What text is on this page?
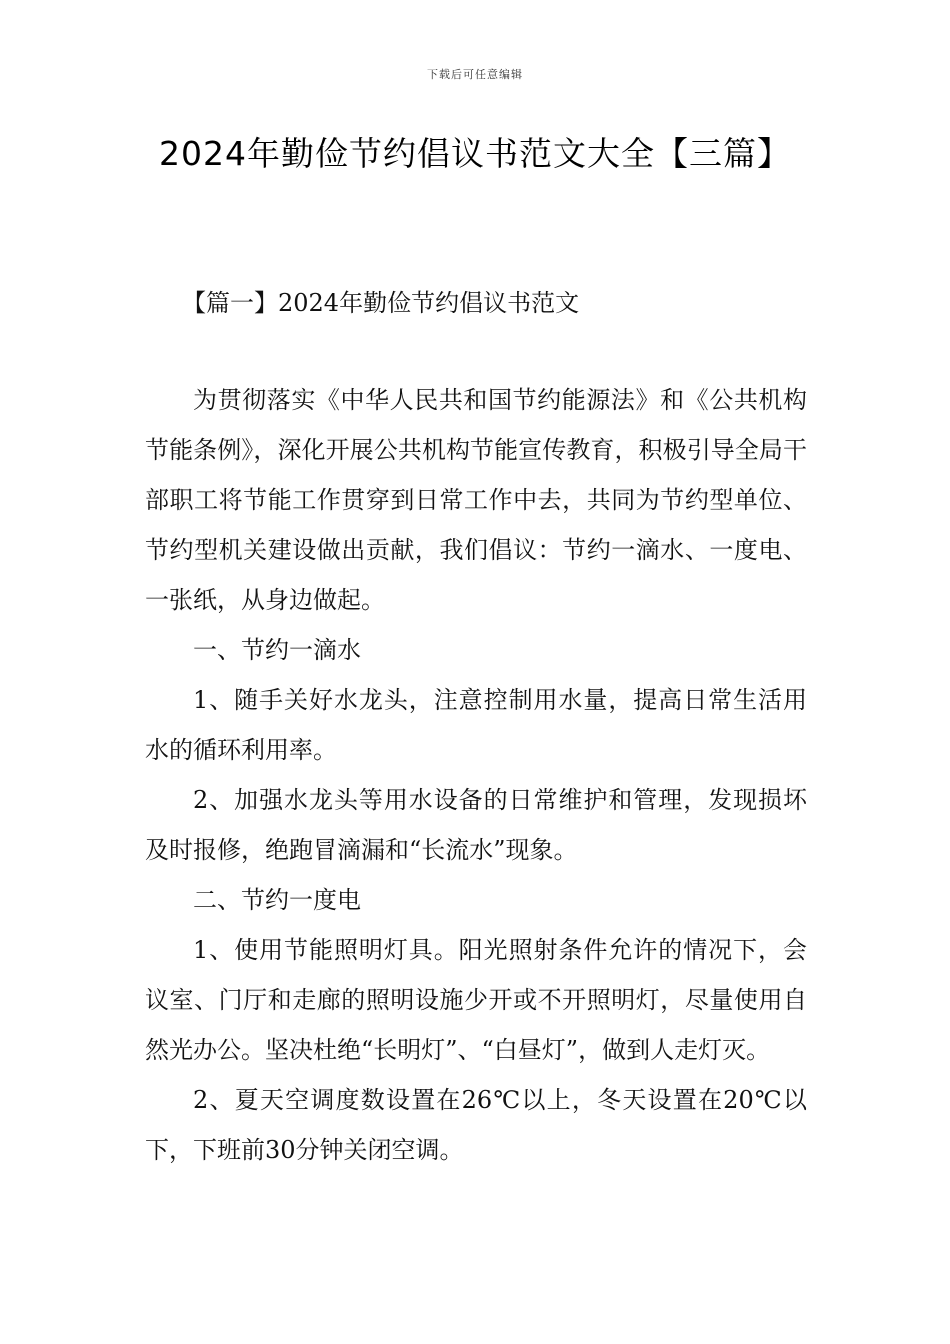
下载后可任意编辑
2024年勤俭节约倡议书范文大全【三篇】
【篇一】2024年勤俭节约倡议书范文

为贯彻落实《中华人民共和国节约能源法》和《公共机构节能条例》，深化开展公共机构节能宣传教育，积极引导全局干部职工将节能工作贯穿到日常工作中去，共同为节约型单位、节约型机关建设做出贡献，我们倡议：节约一滴水、一度电、一张纸，从身边做起。

一、节约一滴水

1、随手关好水龙头，注意控制用水量，提高日常生活用水的循环利用率。

2、加强水龙头等用水设备的日常维护和管理，发现损坏及时报修，绝跑冒滴漏和“长流水”现象。

二、节约一度电

1、使用节能照明灯具。阳光照射条件允许的情况下，会议室、门厅和走廊的照明设施少开或不开照明灯，尽量使用自然光办公。坚决杜绝“长明灯”、“白昼灯”，做到人走灯灭。

2、夏天空调度数设置在26℃以上，冬天设置在20℃以下，下班前30分钟关闭空调。
